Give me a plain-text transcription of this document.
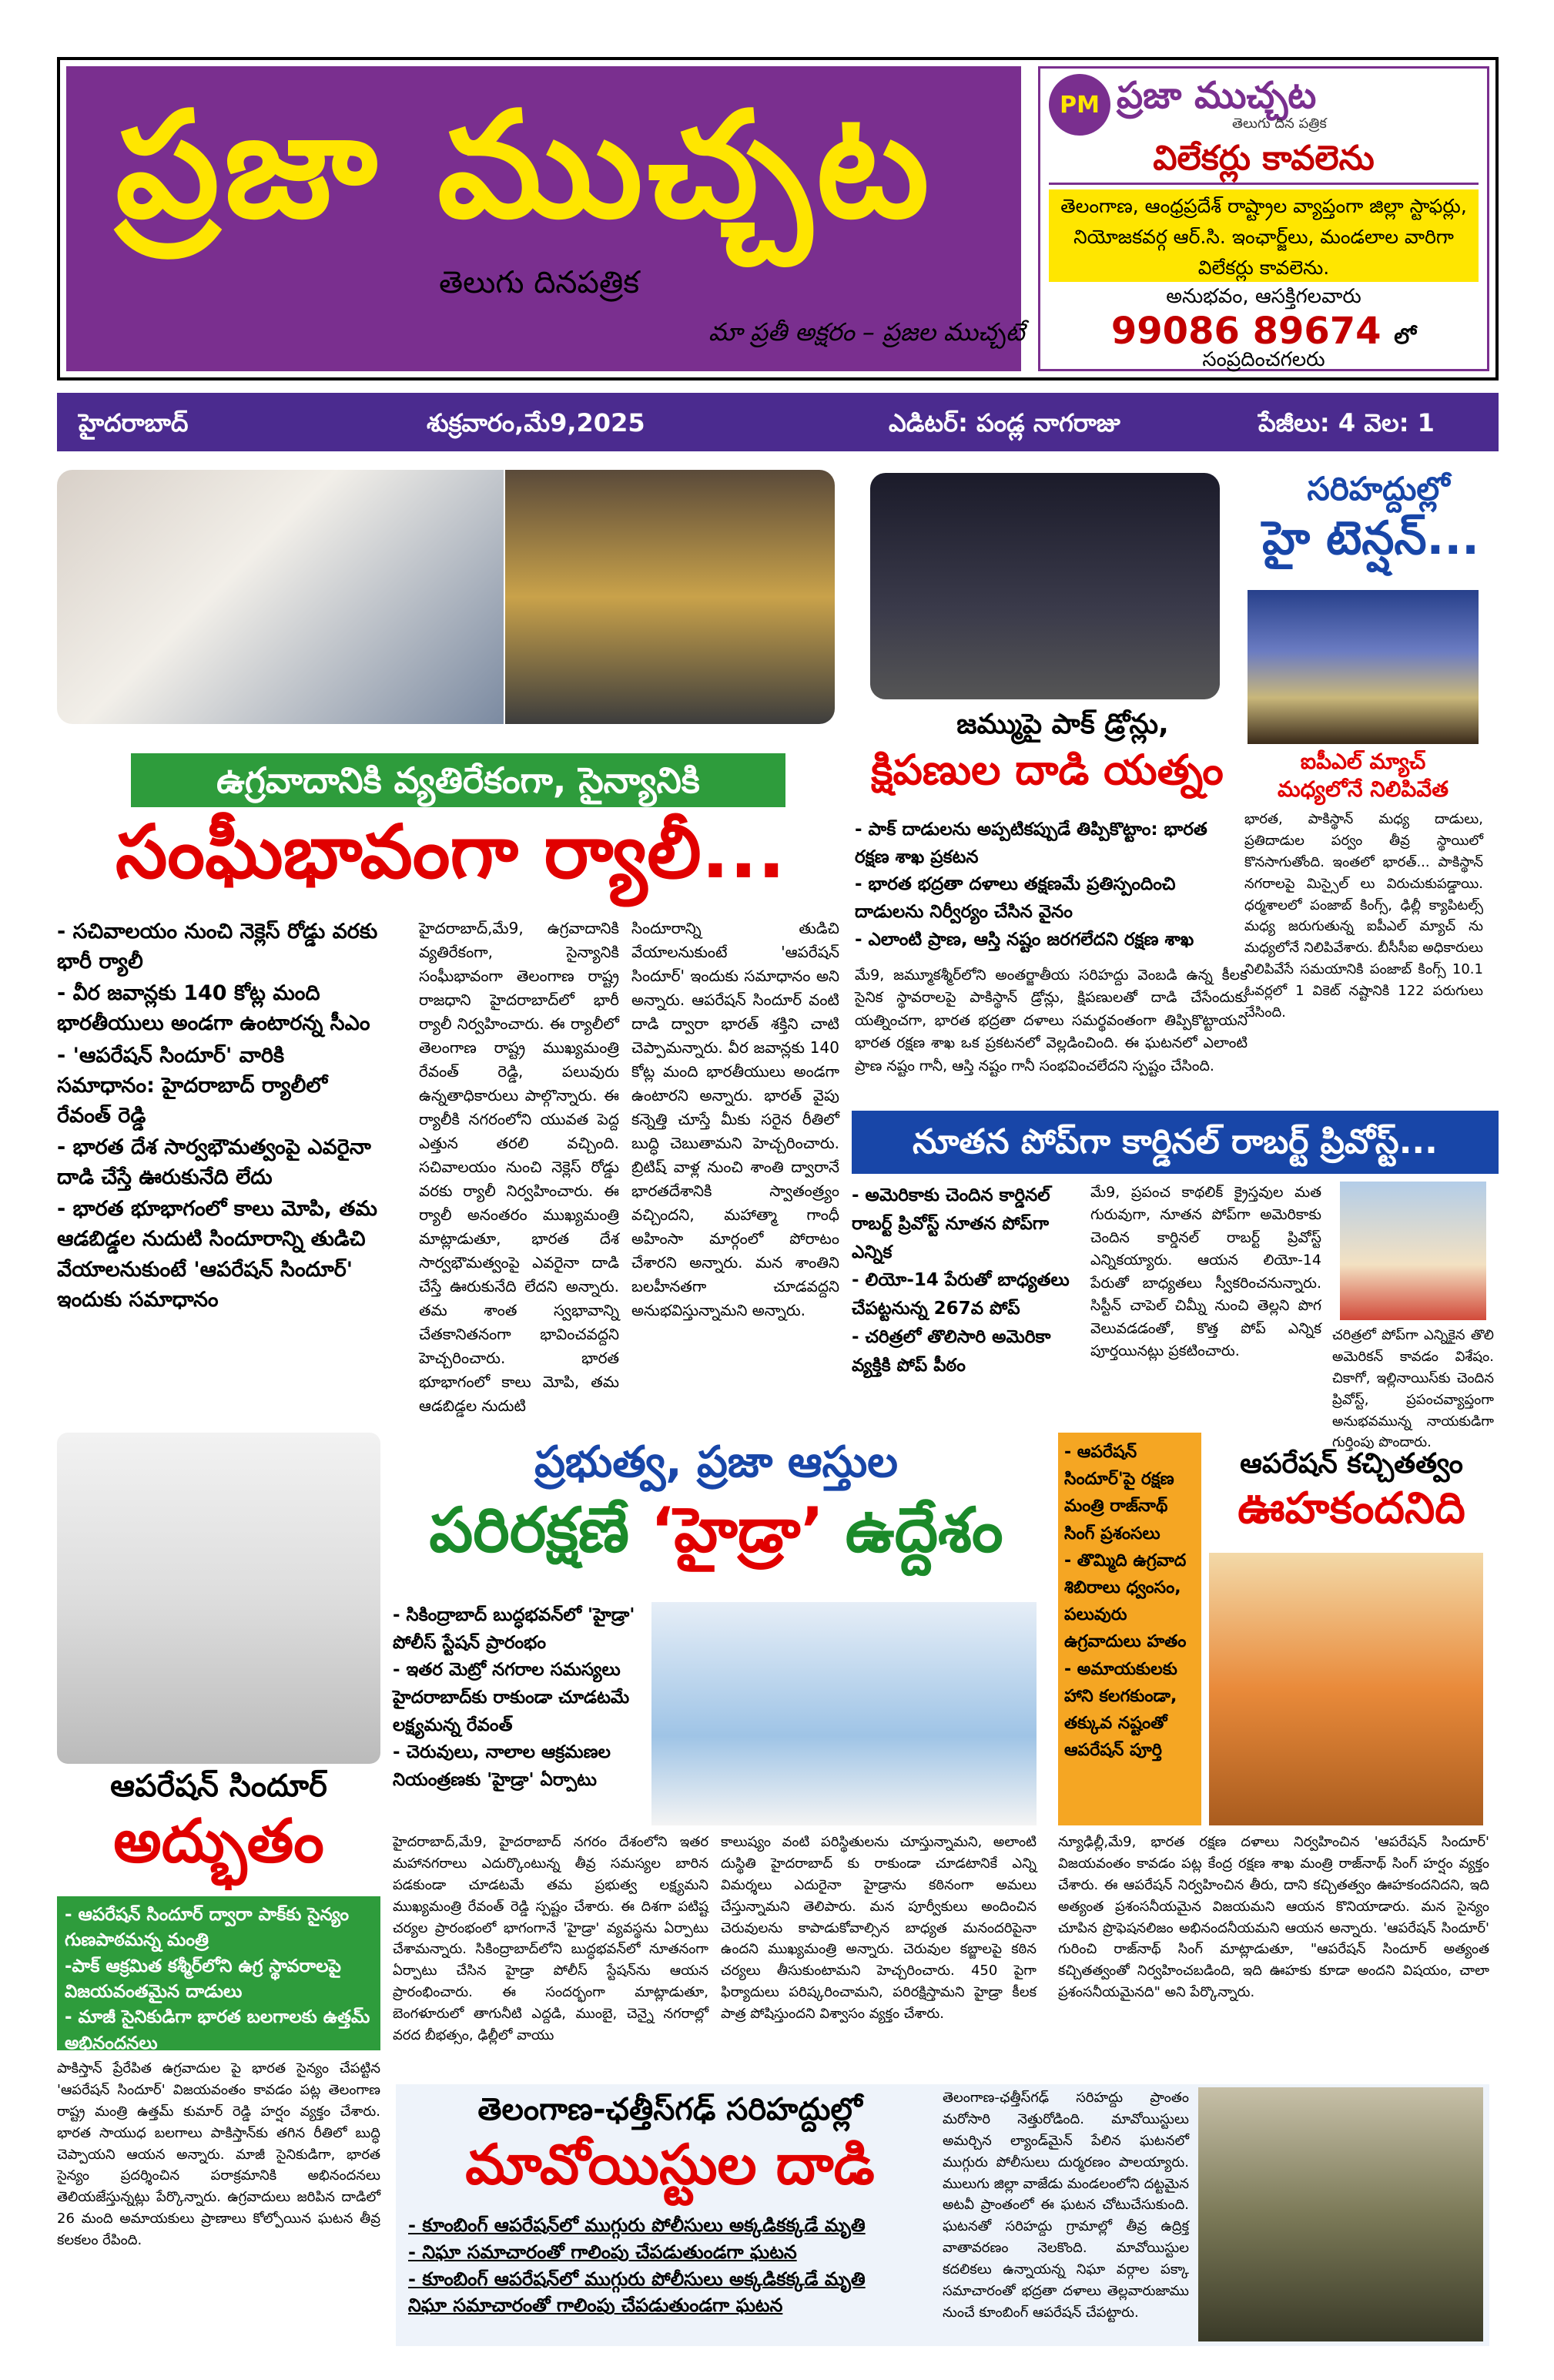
ప్రజా ముచ్చట
తెలుగు దినపత్రిక
మా ప్రతీ అక్షరం – ప్రజల ముచ్చటే
PM ప్రజా ముచ్చట
తెలుగు దిన పత్రిక
విలేకర్లు కావలెను
తెలంగాణ, ఆంధ్రప్రదేశ్ రాష్ట్రాల వ్యాప్తంగా జిల్లా స్టాఫర్లు, నియోజకవర్గ ఆర్.సి. ఇంఛార్జ్‌లు, మండలాల వారిగా విలేకర్లు కావలెను.
అనుభవం, ఆసక్తిగలవారు
99086 89674 లో
సంప్రదించగలరు
హైదరాబాద్	శుక్రవారం,మే9,2025	ఎడిటర్: పండ్ల నాగరాజు	పేజీలు: 4 వెల: 1
ఉగ్రవాదానికి వ్యతిరేకంగా, సైన్యానికి
సంఘీభావంగా ర్యాలీ...
- సచివాలయం నుంచి నెక్లెస్ రోడ్డు వరకు భారీ ర్యాలీ
- వీర జవాన్లకు 140 కోట్ల మంది భారతీయులు అండగా ఉంటారన్న సీఎం
- 'ఆపరేషన్ సిందూర్' వారికి సమాధానం: హైదరాబాద్ ర్యాలీలో రేవంత్ రెడ్డి
- భారత దేశ సార్వభౌమత్వంపై ఎవరైనా దాడి చేస్తే ఊరుకునేది లేదు
- భారత భూభాగంలో కాలు మోపి, తమ ఆడబిడ్డల నుదుటి సిందూరాన్ని తుడిచి వేయాలనుకుంటే 'ఆపరేషన్ సిందూర్' ఇందుకు సమాధానం
హైదరాబాద్,మే9, ఉగ్రవాదానికి వ్యతిరేకంగా, సైన్యానికి సంఘీభావంగా తెలంగాణ రాష్ట్ర రాజధాని హైదరాబాద్‌లో భారీ ర్యాలీ నిర్వహించారు. ఈ ర్యాలీలో తెలంగాణ రాష్ట్ర ముఖ్యమంత్రి రేవంత్ రెడ్డి, పలువురు ఉన్నతాధికారులు పాల్గొన్నారు. ఈ ర్యాలీకి నగరంలోని యువత పెద్ద ఎత్తున తరలి వచ్చింది. సచివాలయం నుంచి నెక్లెస్ రోడ్డు వరకు ర్యాలీ నిర్వహించారు. ఈ ర్యాలీ అనంతరం ముఖ్యమంత్రి మాట్లాడుతూ, భారత దేశ సార్వభౌమత్వంపై ఎవరైనా దాడి చేస్తే ఊరుకునేది లేదని అన్నారు. తమ శాంత స్వభావాన్ని చేతకానితనంగా భావించవద్దని హెచ్చరించారు. భారత భూభాగంలో కాలు మోపి, తమ ఆడబిడ్డల నుదుటి
సిందూరాన్ని తుడిచి వేయాలనుకుంటే 'ఆపరేషన్ సిందూర్' ఇందుకు సమాధానం అని అన్నారు. ఆపరేషన్ సిందూర్ వంటి దాడి ద్వారా భారత్ శక్తిని చాటి చెప్పామన్నారు. వీర జవాన్లకు 140 కోట్ల మంది భారతీయులు అండగా ఉంటారని అన్నారు. భారత్ వైపు కన్నెత్తి చూస్తే మీకు సరైన రీతిలో బుద్ధి చెబుతామని హెచ్చరించారు. బ్రిటిష్ వాళ్ల నుంచి శాంతి ద్వారానే భారతదేశానికి స్వాతంత్ర్యం వచ్చిందని, మహాత్మా గాంధీ అహింసా మార్గంలో పోరాటం చేశారని అన్నారు. మన శాంతిని బలహీనతగా చూడవద్దని అనుభవిస్తున్నామని అన్నారు.
జమ్ముపై పాక్ డ్రోన్లు,
క్షిపణుల దాడి యత్నం
- పాక్ దాడులను అప్పటికప్పుడే తిప్పికొట్టాం: భారత రక్షణ శాఖ ప్రకటన
- భారత భద్రతా దళాలు తక్షణమే ప్రతిస్పందించి దాడులను నిర్వీర్యం చేసిన వైనం
- ఎలాంటి ప్రాణ, ఆస్తి నష్టం జరగలేదని రక్షణ శాఖ
మే9, జమ్మూకశ్మీర్‌లోని అంతర్జాతీయ సరిహద్దు వెంబడి ఉన్న కీలక సైనిక స్థావరాలపై పాకిస్థాన్ డ్రోన్లు, క్షిపణులతో దాడి చేసేందుకు యత్నించగా, భారత భద్రతా దళాలు సమర్థవంతంగా తిప్పికొట్టాయని భారత రక్షణ శాఖ ఒక ప్రకటనలో వెల్లడించింది. ఈ ఘటనలో ఎలాంటి ప్రాణ నష్టం గానీ, ఆస్తి నష్టం గానీ సంభవించలేదని స్పష్టం చేసింది.
సరిహద్దుల్లో
హై టెన్షన్...
ఐపీఎల్ మ్యాచ్
మధ్యలోనే నిలిపివేత
భారత, పాకిస్థాన్ మధ్య దాడులు, ప్రతిదాడుల పర్వం తీవ్ర స్థాయిలో కొనసాగుతోంది. ఇంతలో భారత్... పాకిస్థాన్ నగరాలపై మిస్సైల్ లు విరుచుకుపడ్డాయి. ధర్మశాలలో పంజాబ్ కింగ్స్, ఢిల్లీ క్యాపిటల్స్ మధ్య జరుగుతున్న ఐపీఎల్ మ్యాచ్ ను మధ్యలోనే నిలిపివేశారు. బీసీసీఐ అధికారులు నిలిపివేసే సమయానికి పంజాబ్ కింగ్స్ 10.1 ఓవర్లలో 1 వికెట్ నష్టానికి 122 పరుగులు చేసింది.
నూతన పోప్‌గా కార్డినల్ రాబర్ట్ ప్రివోస్ట్...
- అమెరికాకు చెందిన కార్డినల్ రాబర్ట్ ప్రివోస్ట్ నూతన పోప్‌గా ఎన్నిక
- లియో-14 పేరుతో బాధ్యతలు చేపట్టనున్న 267వ పోప్
- చరిత్రలో తొలిసారి అమెరికా వ్యక్తికి పోప్ పీఠం
మే9, ప్రపంచ కాథలిక్ క్రైస్తవుల మత గురువుగా, నూతన పోప్‌గా అమెరికాకు చెందిన కార్డినల్ రాబర్ట్ ప్రివోస్ట్ ఎన్నికయ్యారు. ఆయన లియో-14 పేరుతో బాధ్యతలు స్వీకరించనున్నారు. సిస్టీన్ చాపెల్ చిమ్నీ నుంచి తెల్లని పొగ వెలువడడంతో, కొత్త పోప్ ఎన్నిక పూర్తయినట్లు ప్రకటించారు.
చరిత్రలో పోప్‌గా ఎన్నికైన తొలి అమెరికన్ కావడం విశేషం. చికాగో, ఇల్లినాయిస్‌కు చెందిన ప్రివోస్ట్, ప్రపంచవ్యాప్తంగా అనుభవమున్న నాయకుడిగా గుర్తింపు పొందారు.
ఆపరేషన్ సిందూర్
అద్భుతం
- ఆపరేషన్ సిందూర్ ద్వారా పాక్‌కు సైన్యం గుణపాఠమన్న మంత్రి
-పాక్ ఆక్రమిత కశ్మీర్‌లోని ఉగ్ర స్థావరాలపై విజయవంతమైన దాడులు
- మాజీ సైనికుడిగా భారత బలగాలకు ఉత్తమ్ అభినందనలు
పాకిస్తాన్ ప్రేరేపిత ఉగ్రవాదుల పై భారత సైన్యం చేపట్టిన 'ఆపరేషన్ సిందూర్' విజయవంతం కావడం పట్ల తెలంగాణ రాష్ట్ర మంత్రి ఉత్తమ్ కుమార్ రెడ్డి హర్షం వ్యక్తం చేశారు. భారత సాయుధ బలగాలు పాకిస్తాన్‌కు తగిన రీతిలో బుద్ధి చెప్పాయని ఆయన అన్నారు. మాజీ సైనికుడిగా, భారత సైన్యం ప్రదర్శించిన పరాక్రమానికి అభినందనలు తెలియజేస్తున్నట్లు పేర్కొన్నారు. ఉగ్రవాదులు జరిపిన దాడిలో 26 మంది అమాయకులు ప్రాణాలు కోల్పోయిన ఘటన తీవ్ర కలకలం రేపింది.
ప్రభుత్వ, ప్రజా ఆస్తుల
పరిరక్షణే ‘హైడ్రా’ ఉద్దేశం
- సికింద్రాబాద్ బుద్ధభవన్‌లో 'హైడ్రా' పోలీస్ స్టేషన్ ప్రారంభం
- ఇతర మెట్రో నగరాల సమస్యలు హైదరాబాద్‌కు రాకుండా చూడటమే లక్ష్యమన్న రేవంత్
- చెరువులు, నాలాల ఆక్రమణల నియంత్రణకు 'హైడ్రా' ఏర్పాటు
హైదరాబాద్,మే9, హైదరాబాద్ నగరం దేశంలోని ఇతర మహానగరాలు ఎదుర్కొంటున్న తీవ్ర సమస్యల బారిన పడకుండా చూడటమే తమ ప్రభుత్వ లక్ష్యమని ముఖ్యమంత్రి రేవంత్ రెడ్డి స్పష్టం చేశారు. ఈ దిశగా పటిష్ట చర్యల ప్రారంభంలో భాగంగానే 'హైడ్రా' వ్యవస్థను ఏర్పాటు చేశామన్నారు. సికింద్రాబాద్‌లోని బుద్ధభవన్‌లో నూతనంగా ఏర్పాటు చేసిన హైడ్రా పోలీస్ స్టేషన్‌ను ఆయన ప్రారంభించారు. ఈ సందర్భంగా మాట్లాడుతూ, బెంగళూరులో తాగునీటి ఎద్దడి, ముంబై, చెన్నై నగరాల్లో వరద బీభత్సం, ఢిల్లీలో వాయు
కాలుష్యం వంటి పరిస్థితులను చూస్తున్నామని, అలాంటి దుస్థితి హైదరాబాద్ కు రాకుండా చూడటానికే ఎన్ని విమర్శలు ఎదురైనా హైడ్రాను కఠినంగా అమలు చేస్తున్నామని తెలిపారు. మన పూర్వీకులు అందించిన చెరువులను కాపాడుకోవాల్సిన బాధ్యత మనందరిపైనా ఉందని ముఖ్యమంత్రి అన్నారు. చెరువుల కబ్జాలపై కఠిన చర్యలు తీసుకుంటామని హెచ్చరించారు. 450 పైగా ఫిర్యాదులు పరిష్కరించామని, పరిరక్షిస్తామని హైడ్రా కీలక పాత్ర పోషిస్తుందని విశ్వాసం వ్యక్తం చేశారు.
- ఆపరేషన్ సిందూర్'పై రక్షణ మంత్రి రాజ్‌నాథ్ సింగ్ ప్రశంసలు
- తొమ్మిది ఉగ్రవాద శిబిరాలు ధ్వంసం, పలువురు ఉగ్రవాదులు హతం
- అమాయకులకు హాని కలగకుండా, తక్కువ నష్టంతో ఆపరేషన్ పూర్తి
ఆపరేషన్ కచ్చితత్వం
ఊహకందనిది
న్యూఢిల్లీ,మే9, భారత రక్షణ దళాలు నిర్వహించిన 'ఆపరేషన్ సిందూర్' విజయవంతం కావడం పట్ల కేంద్ర రక్షణ శాఖ మంత్రి రాజ్‌నాథ్ సింగ్ హర్షం వ్యక్తం చేశారు. ఈ ఆపరేషన్ నిర్వహించిన తీరు, దాని కచ్చితత్వం ఊహకందనిదని, ఇది అత్యంత ప్రశంసనీయమైన విజయమని ఆయన కొనియాడారు. మన సైన్యం చూపిన ప్రొఫెషనలిజం అభినందనీయమని ఆయన అన్నారు. 'ఆపరేషన్ సిందూర్' గురించి రాజ్‌నాథ్ సింగ్ మాట్లాడుతూ, "ఆపరేషన్ సిందూర్ అత్యంత కచ్చితత్వంతో నిర్వహించబడింది, ఇది ఊహకు కూడా అందని విషయం, చాలా ప్రశంసనీయమైనది" అని పేర్కొన్నారు.
తెలంగాణ-ఛత్తీస్‌గఢ్ సరిహద్దుల్లో
మావోయిస్టుల దాడి
- కూంబింగ్ ఆపరేషన్‌లో ముగ్గురు పోలీసులు అక్కడికక్కడే మృతి
- నిఘా సమాచారంతో గాలింపు చేపడుతుండగా ఘటన
- కూంబింగ్ ఆపరేషన్‌లో ముగ్గురు పోలీసులు అక్కడికక్కడే మృతి
నిఘా సమాచారంతో గాలింపు చేపడుతుండగా ఘటన
తెలంగాణ-ఛత్తీస్‌గఢ్ సరిహద్దు ప్రాంతం మరోసారి నెత్తురోడింది. మావోయిస్టులు అమర్చిన ల్యాండ్‌మైన్ పేలిన ఘటనలో ముగ్గురు పోలీసులు దుర్మరణం పాలయ్యారు. ములుగు జిల్లా వాజేడు మండలంలోని దట్టమైన అటవీ ప్రాంతంలో ఈ ఘటన చోటుచేసుకుంది. ఘటనతో సరిహద్దు గ్రామాల్లో తీవ్ర ఉద్రిక్త వాతావరణం నెలకొంది. మావోయిస్టుల కదలికలు ఉన్నాయన్న నిఘా వర్గాల పక్కా సమాచారంతో భద్రతా దళాలు తెల్లవారుజాము నుంచే కూంబింగ్ ఆపరేషన్ చేపట్టారు.
